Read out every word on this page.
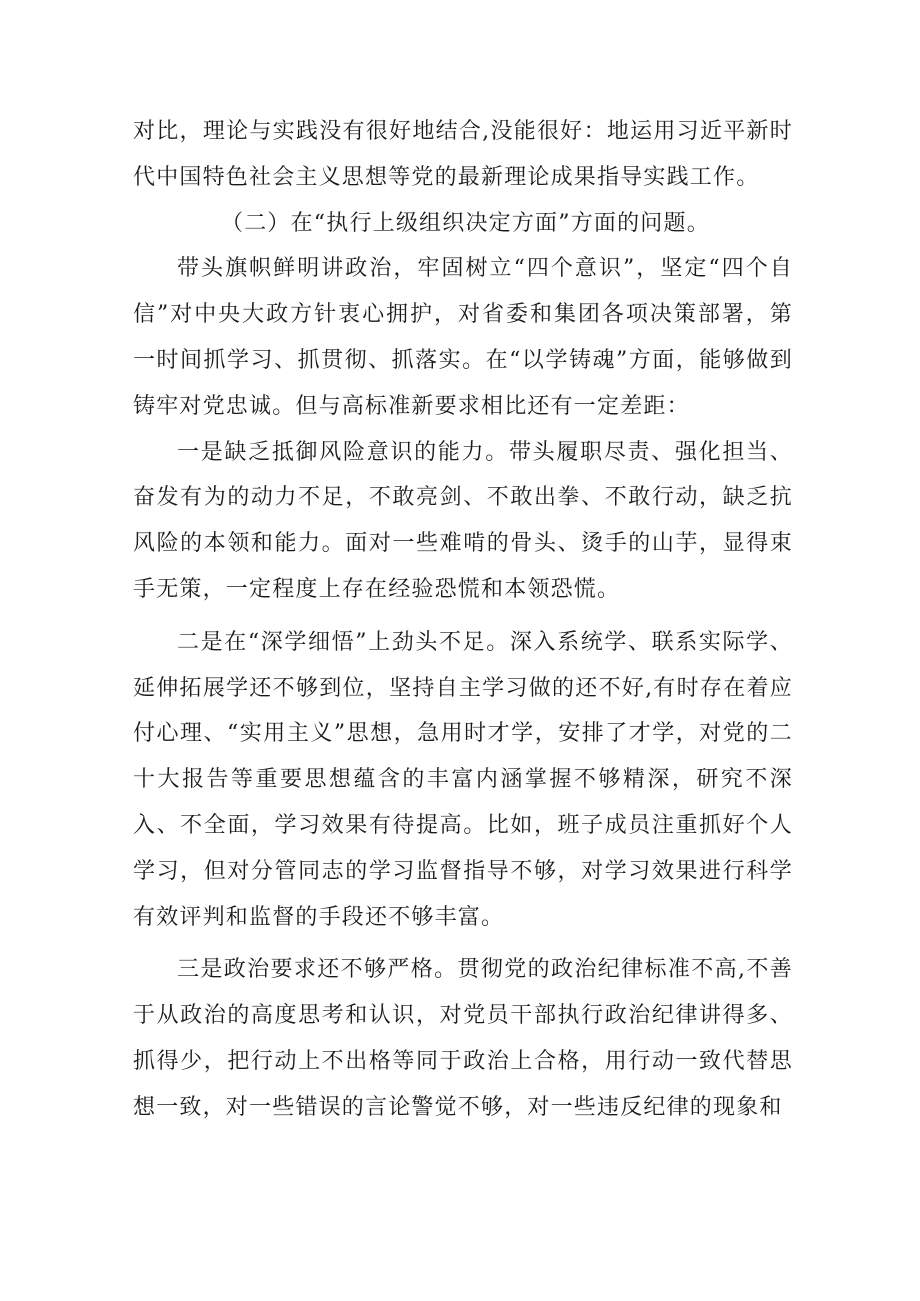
对比，理论与实践没有很好地结合,没能很好：地运用习近平新时代中国特色社会主义思想等党的最新理论成果指导实践工作。

（二）在“执行上级组织决定方面”方面的问题。

带头旗帜鲜明讲政治，牢固树立“四个意识”，坚定“四个自信”对中央大政方针衷心拥护，对省委和集团各项决策部署，第一时间抓学习、抓贯彻、抓落实。在“以学铸魂”方面，能够做到铸牢对党忠诚。但与高标准新要求相比还有一定差距：

一是缺乏抵御风险意识的能力。带头履职尽责、强化担当、奋发有为的动力不足，不敢亮剑、不敢出拳、不敢行动，缺乏抗风险的本领和能力。面对一些难啃的骨头、烫手的山芋，显得束手无策，一定程度上存在经验恐慌和本领恐慌。

二是在“深学细悟”上劲头不足。深入系统学、联系实际学、延伸拓展学还不够到位，坚持自主学习做的还不好,有时存在着应付心理、“实用主义”思想，急用时才学，安排了才学，对党的二十大报告等重要思想蕴含的丰富内涵掌握不够精深，研究不深入、不全面，学习效果有待提高。比如，班子成员注重抓好个人学习，但对分管同志的学习监督指导不够，对学习效果进行科学有效评判和监督的手段还不够丰富。

三是政治要求还不够严格。贯彻党的政治纪律标准不高,不善于从政治的高度思考和认识，对党员干部执行政治纪律讲得多、抓得少，把行动上不出格等同于政治上合格，用行动一致代替思想一致，对一些错误的言论警觉不够，对一些违反纪律的现象和
